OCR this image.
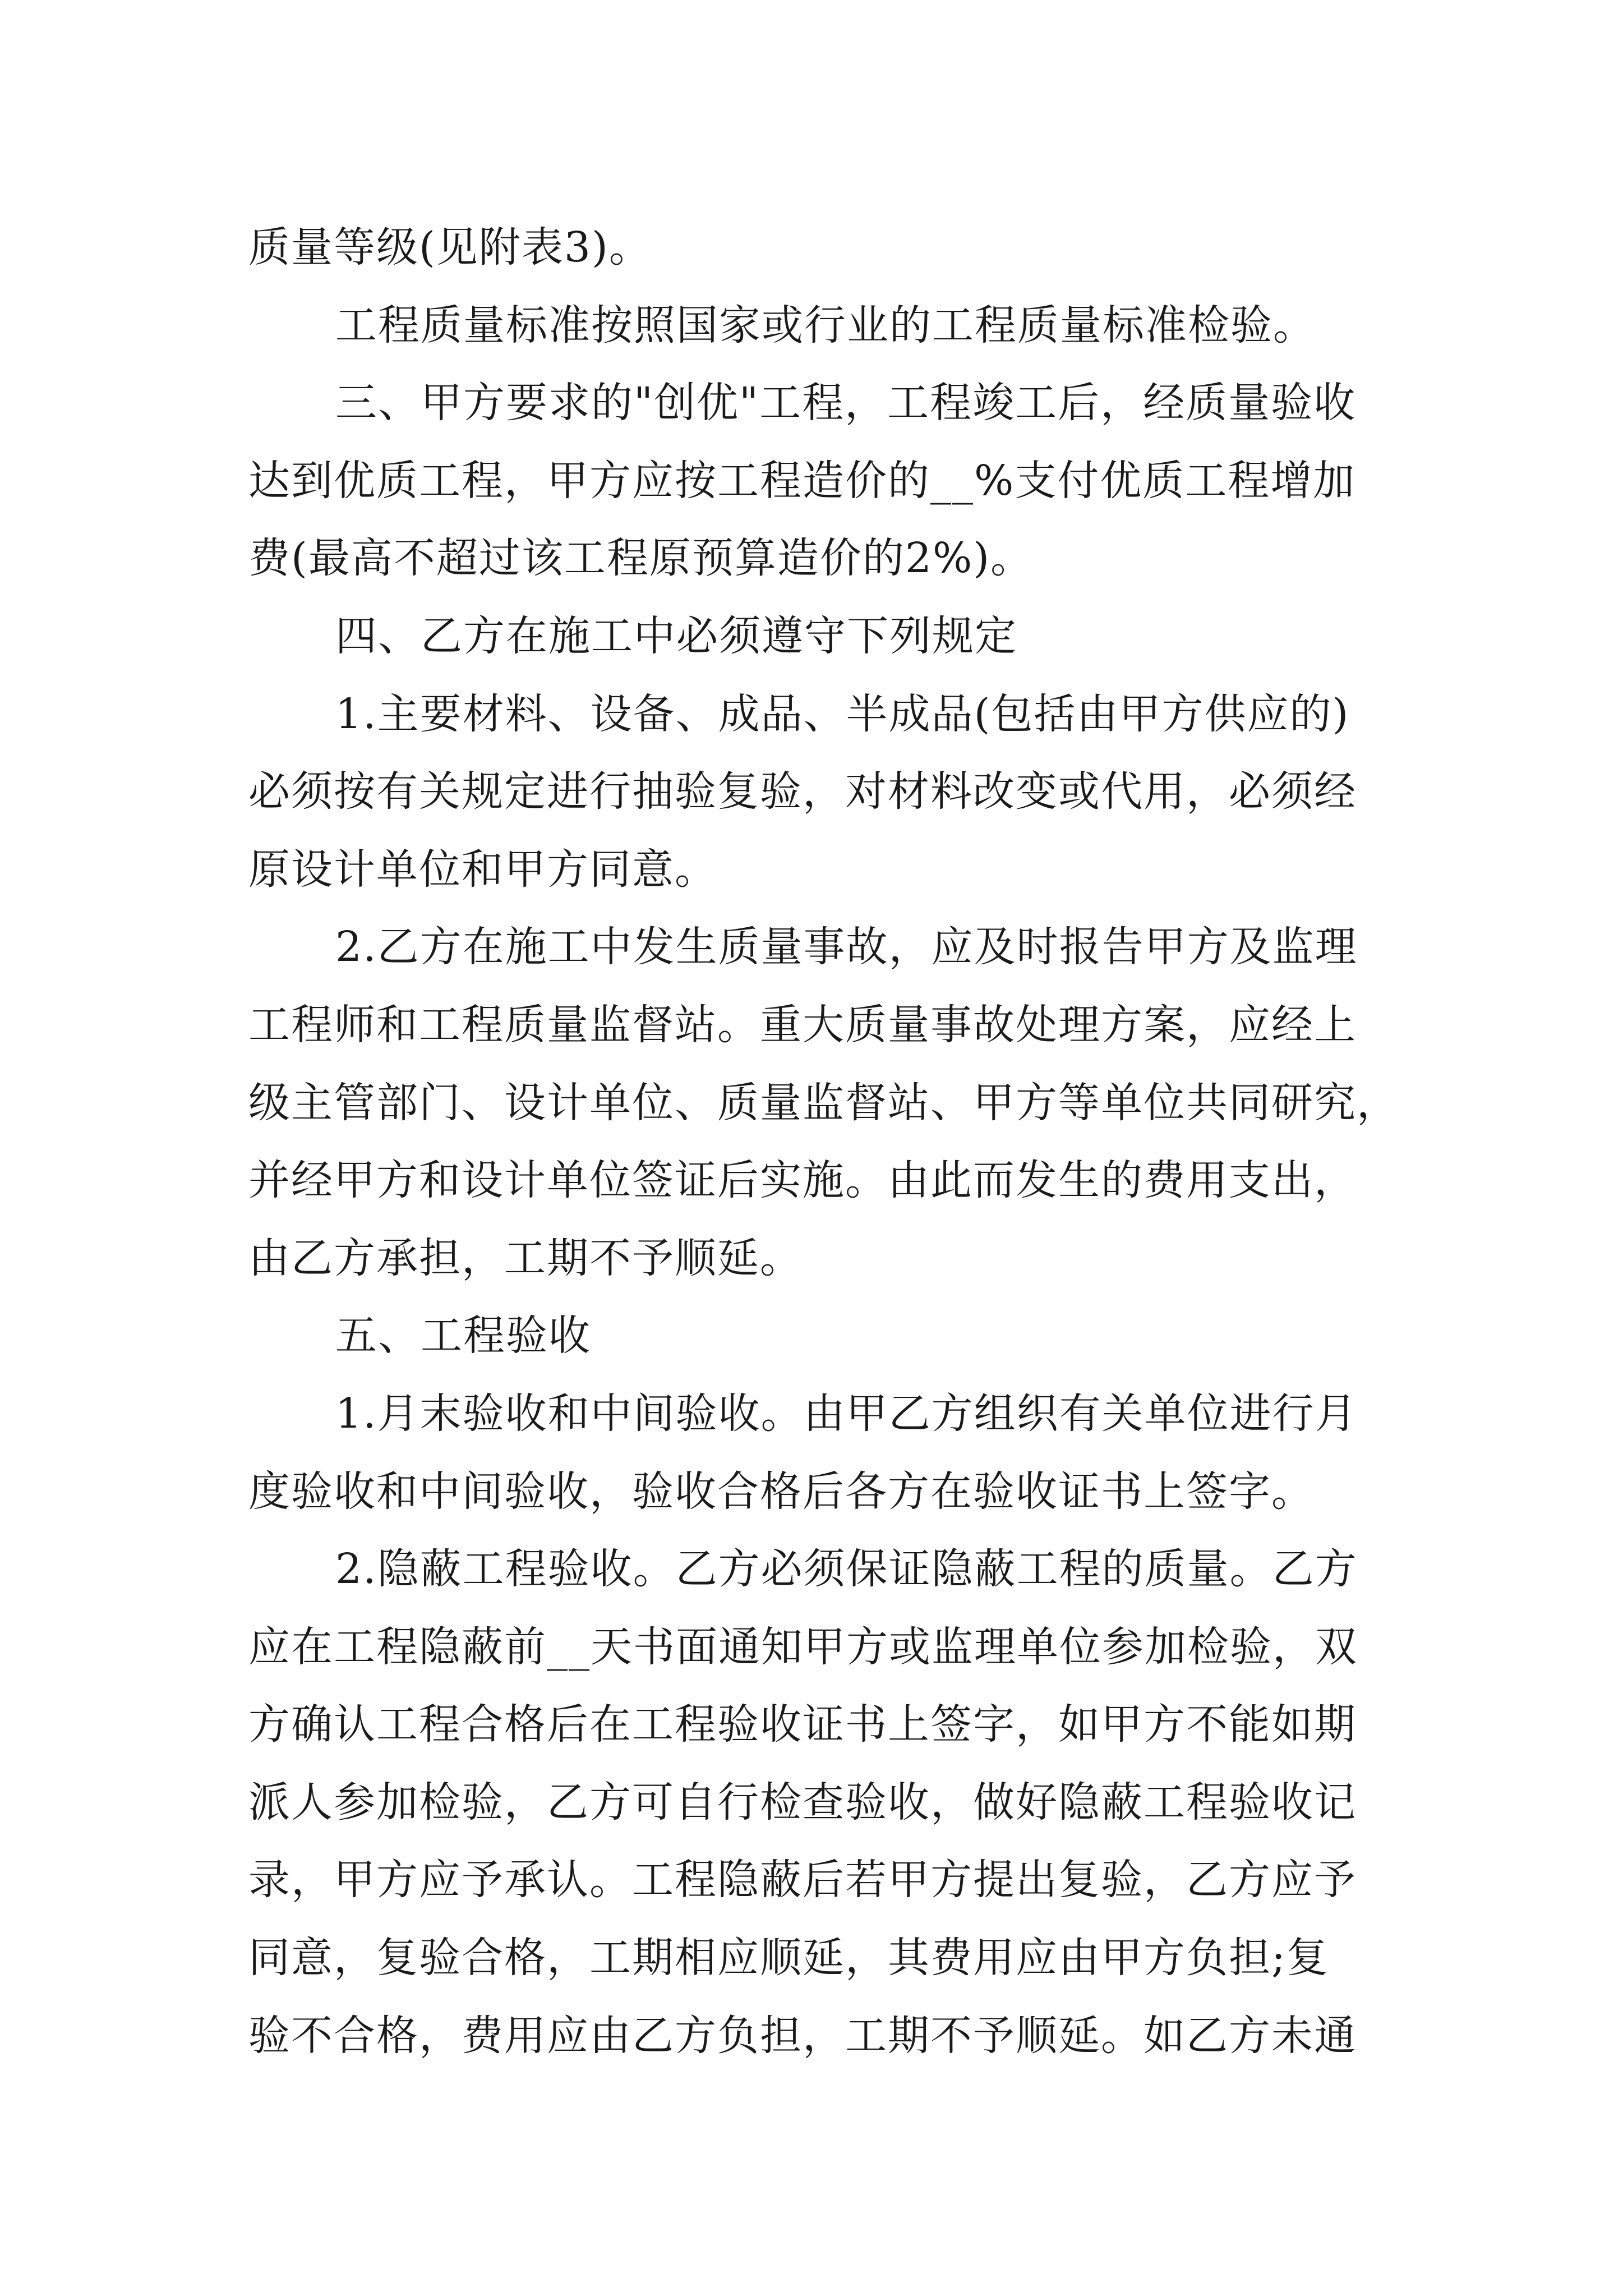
质量等级(见附表3)。
工程质量标准按照国家或行业的工程质量标准检验。
三、甲方要求的"创优"工程，工程竣工后，经质量验收
达到优质工程，甲方应按工程造价的__%支付优质工程增加
费(最高不超过该工程原预算造价的2%)。
四、乙方在施工中必须遵守下列规定
1.主要材料、设备、成品、半成品(包括由甲方供应的)
必须按有关规定进行抽验复验，对材料改变或代用，必须经
原设计单位和甲方同意。
2.乙方在施工中发生质量事故，应及时报告甲方及监理
工程师和工程质量监督站。重大质量事故处理方案，应经上
级主管部门、设计单位、质量监督站、甲方等单位共同研究，
并经甲方和设计单位签证后实施。由此而发生的费用支出，
由乙方承担，工期不予顺延。
五、工程验收
1.月末验收和中间验收。由甲乙方组织有关单位进行月
度验收和中间验收，验收合格后各方在验收证书上签字。
2.隐蔽工程验收。乙方必须保证隐蔽工程的质量。乙方
应在工程隐蔽前__天书面通知甲方或监理单位参加检验，双
方确认工程合格后在工程验收证书上签字，如甲方不能如期
派人参加检验，乙方可自行检查验收，做好隐蔽工程验收记
录，甲方应予承认。工程隐蔽后若甲方提出复验，乙方应予
同意，复验合格，工期相应顺延，其费用应由甲方负担;复
验不合格，费用应由乙方负担，工期不予顺延。如乙方未通
